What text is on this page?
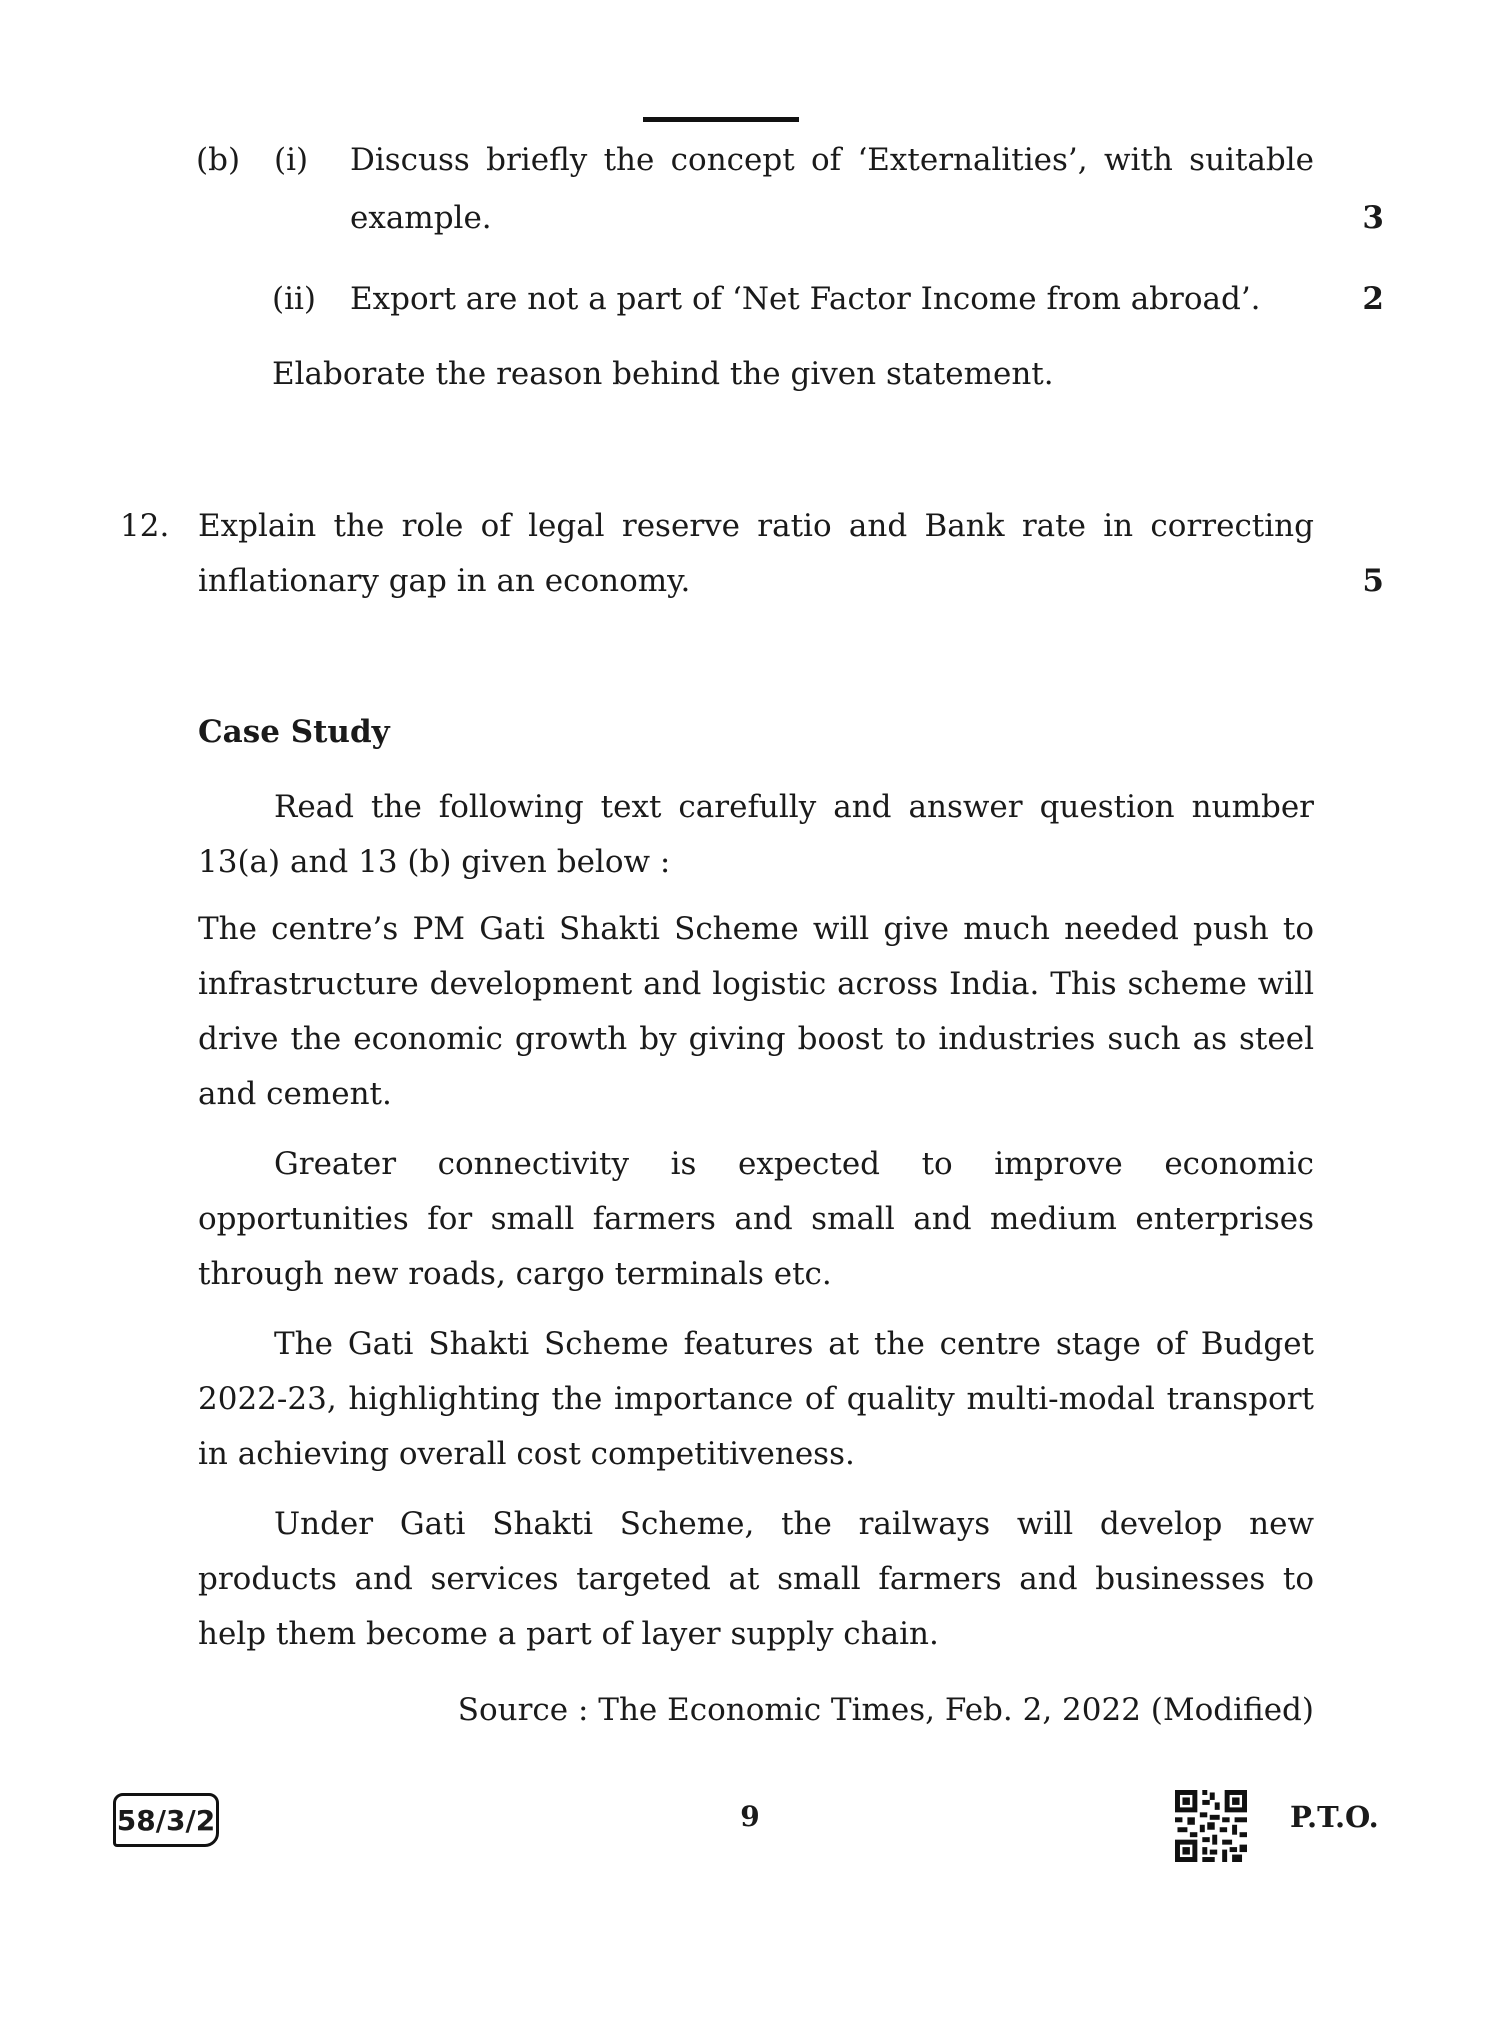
(b) (i) Discuss briefly the concept of ‘Externalities’, with suitable
example.	3
(ii) Export are not a part of ‘Net Factor Income from abroad’.	2
Elaborate the reason behind the given statement.
12. Explain the role of legal reserve ratio and Bank rate in correcting
inflationary gap in an economy.	5
Case Study

Read the following text carefully and answer question number 13(a) and 13 (b) given below :

The centre’s PM Gati Shakti Scheme will give much needed push to infrastructure development and logistic across India. This scheme will drive the economic growth by giving boost to industries such as steel and cement.

Greater connectivity is expected to improve economic opportunities for small farmers and small and medium enterprises through new roads, cargo terminals etc.

The Gati Shakti Scheme features at the centre stage of Budget 2022-23, highlighting the importance of quality multi-modal transport in achieving overall cost competitiveness.

Under Gati Shakti Scheme, the railways will develop new products and services targeted at small farmers and businesses to help them become a part of layer supply chain.

Source : The Economic Times, Feb. 2, 2022 (Modified)
58/3/2	9	P.T.O.
